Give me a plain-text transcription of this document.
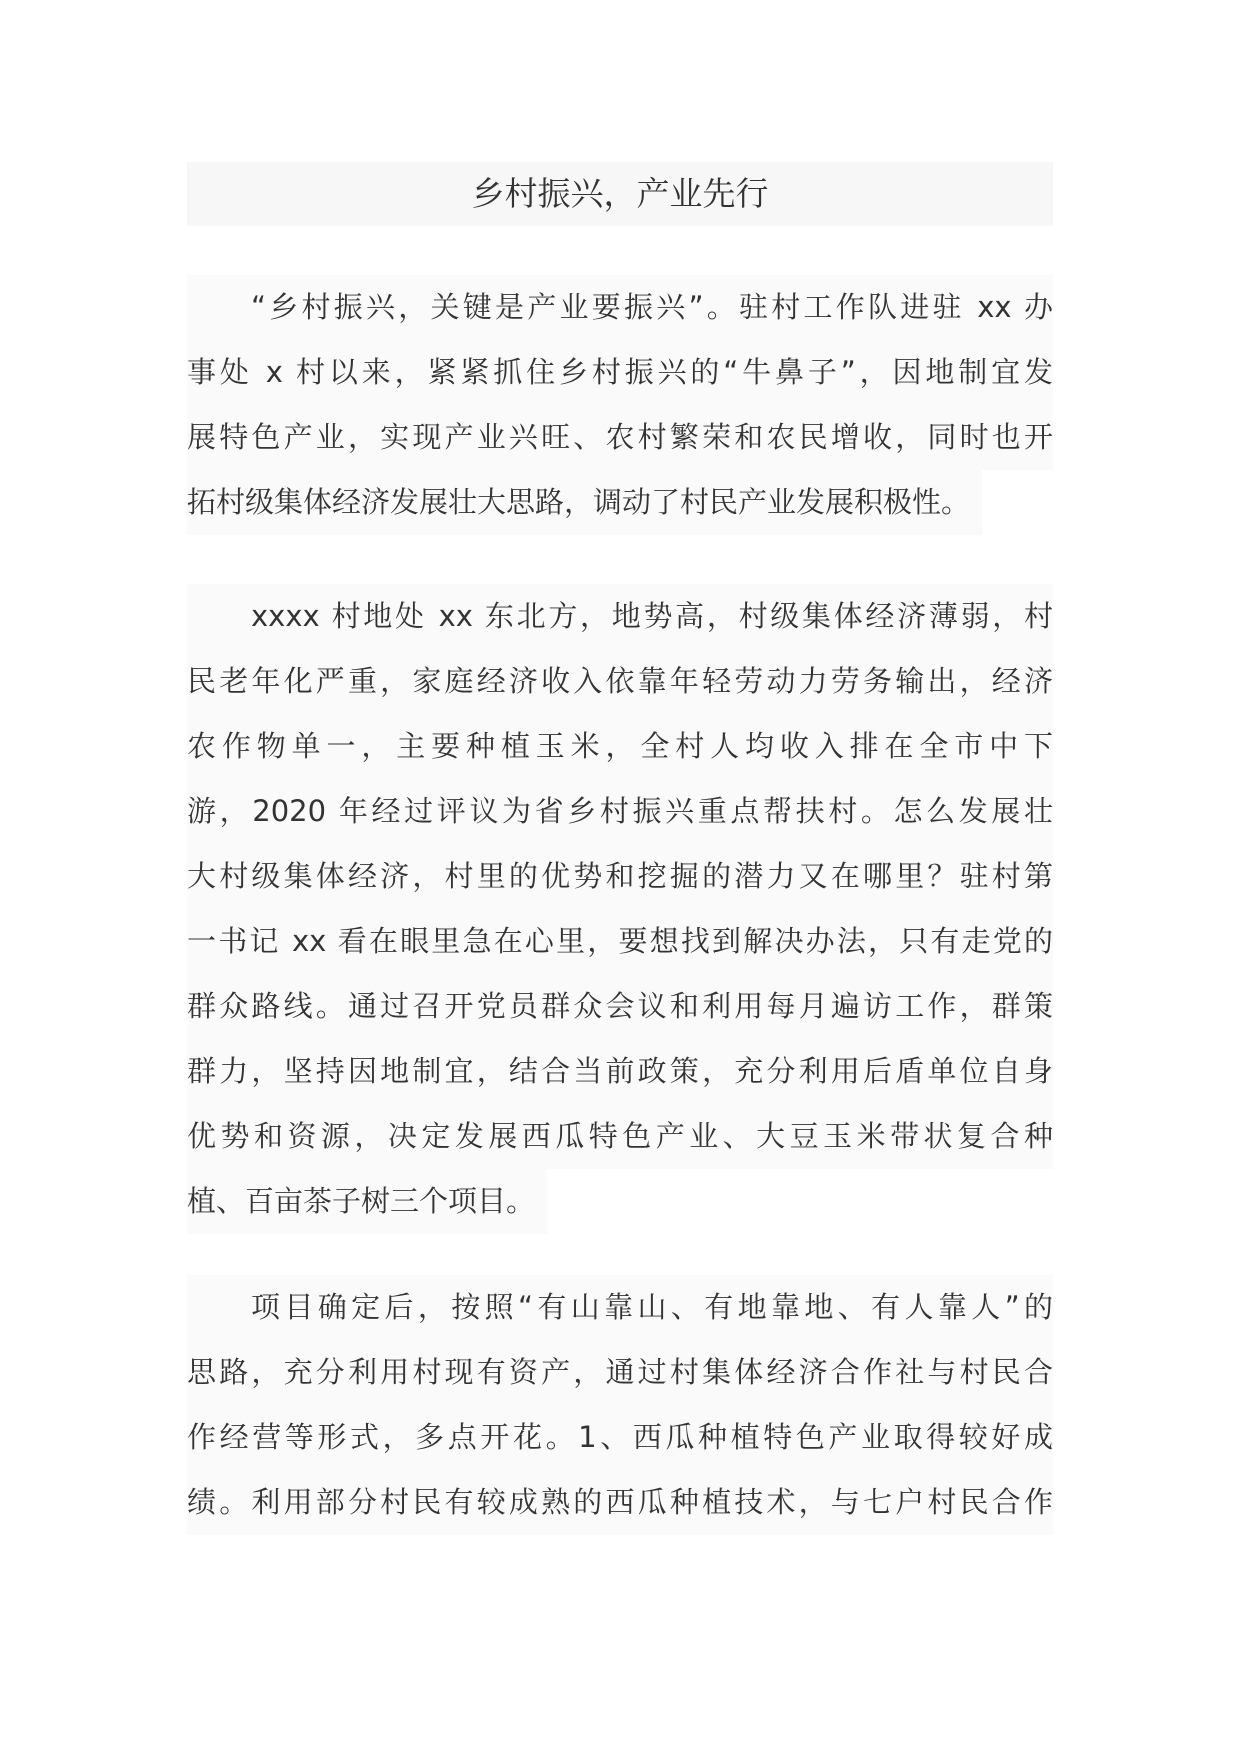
乡村振兴，产业先行
“乡村振兴，关键是产业要振兴”。驻村工作队进驻 xx 办
事处 x 村以来，紧紧抓住乡村振兴的“牛鼻子”，因地制宜发
展特色产业，实现产业兴旺、农村繁荣和农民增收，同时也开
拓村级集体经济发展壮大思路，调动了村民产业发展积极性。
xxxx 村地处 xx 东北方，地势高，村级集体经济薄弱，村
民老年化严重，家庭经济收入依靠年轻劳动力劳务输出，经济
农作物单一，主要种植玉米，全村人均收入排在全市中下
游，2020 年经过评议为省乡村振兴重点帮扶村。怎么发展壮
大村级集体经济，村里的优势和挖掘的潜力又在哪里？驻村第
一书记 xx 看在眼里急在心里，要想找到解决办法，只有走党的
群众路线。通过召开党员群众会议和利用每月遍访工作，群策
群力，坚持因地制宜，结合当前政策，充分利用后盾单位自身
优势和资源，决定发展西瓜特色产业、大豆玉米带状复合种
植、百亩茶子树三个项目。
项目确定后，按照“有山靠山、有地靠地、有人靠人”的
思路，充分利用村现有资产，通过村集体经济合作社与村民合
作经营等形式，多点开花。1、西瓜种植特色产业取得较好成
绩。利用部分村民有较成熟的西瓜种植技术，与七户村民合作
